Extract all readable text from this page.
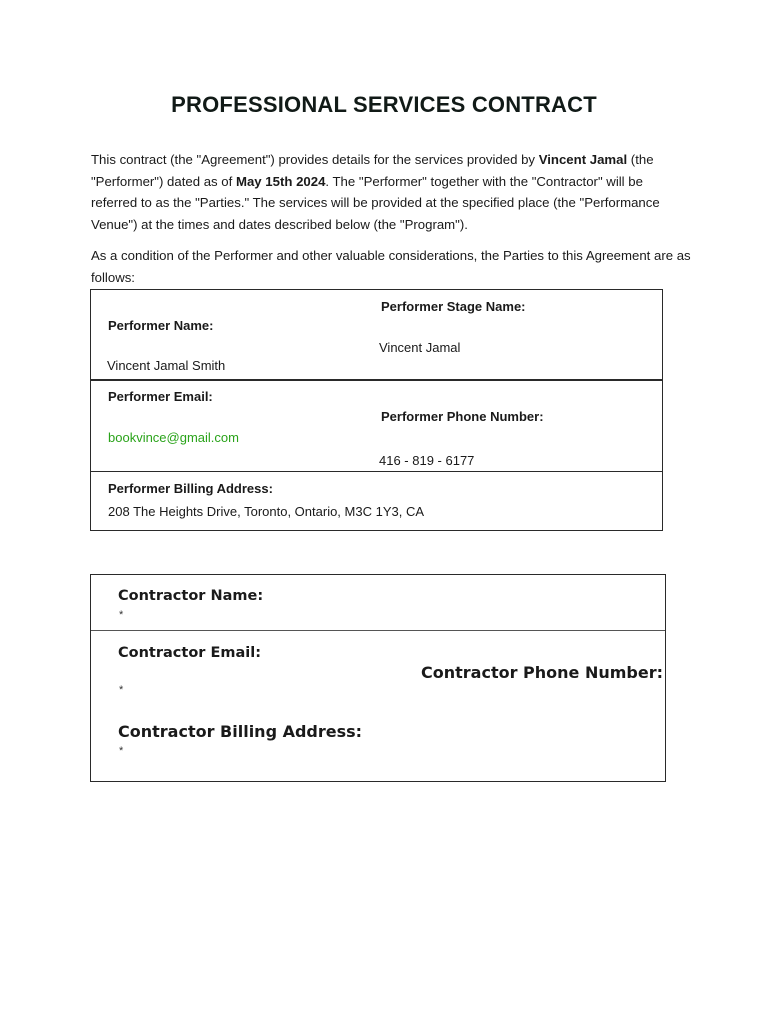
PROFESSIONAL SERVICES CONTRACT
This contract (the "Agreement") provides details for the services provided by Vincent Jamal (the "Performer") dated as of May 15th 2024. The "Performer" together with the "Contractor" will be referred to as the "Parties." The services will be provided at the specified place (the "Performance Venue") at the times and dates described below (the "Program").
As a condition of the Performer and other valuable considerations, the Parties to this Agreement are as follows:
Performer Stage Name:
Performer Name:
Vincent Jamal
Vincent Jamal Smith
Performer Email:
Performer Phone Number:
bookvince@gmail.com
416 - 819 - 6177
Performer Billing Address:
208 The Heights Drive, Toronto, Ontario, M3C 1Y3, CA
Contractor Name:
*
Contractor Email:
Contractor Phone Number:
*
Contractor Billing Address:
*
